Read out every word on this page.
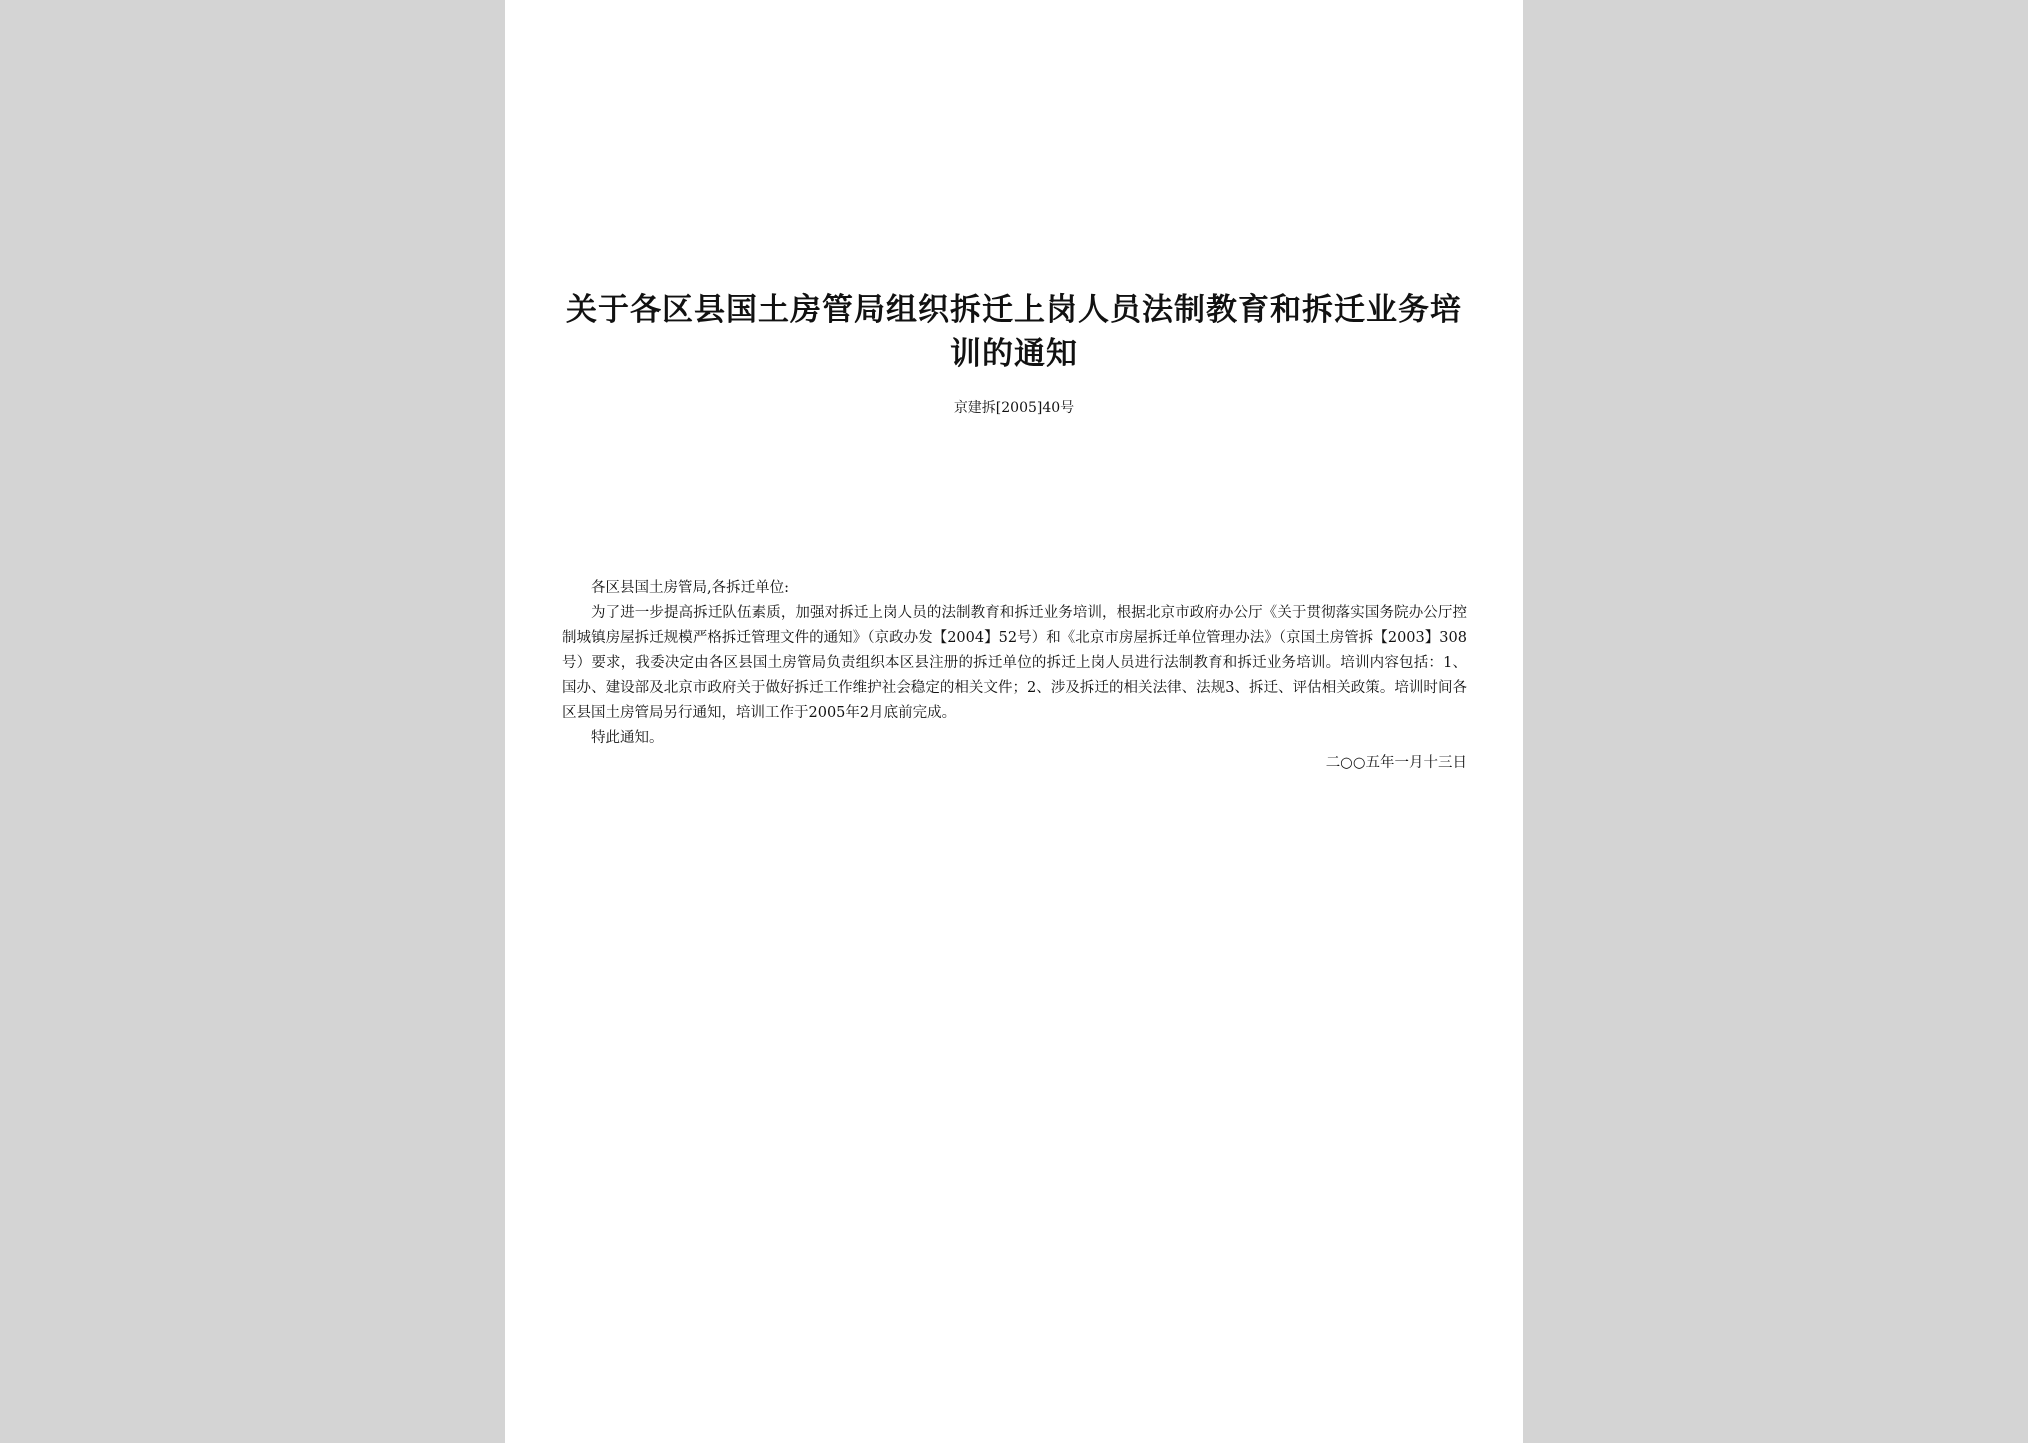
关于各区县国土房管局组织拆迁上岗人员法制教育和拆迁业务培训的通知
京建拆[2005]40号

各区县国土房管局,各拆迁单位:

为了进一步提高拆迁队伍素质，加强对拆迁上岗人员的法制教育和拆迁业务培训，根据北京市政府办公厅《关于贯彻落实国务院办公厅控制城镇房屋拆迁规模严格拆迁管理文件的通知》（京政办发【2004】52号）和《北京市房屋拆迁单位管理办法》（京国土房管拆【2003】308号）要求，我委决定由各区县国土房管局负责组织本区县注册的拆迁单位的拆迁上岗人员进行法制教育和拆迁业务培训。培训内容包括：1、国办、建设部及北京市政府关于做好拆迁工作维护社会稳定的相关文件；2、涉及拆迁的相关法律、法规3、拆迁、评估相关政策。培训时间各区县国土房管局另行通知，培训工作于2005年2月底前完成。

特此通知。

二○○五年一月十三日
